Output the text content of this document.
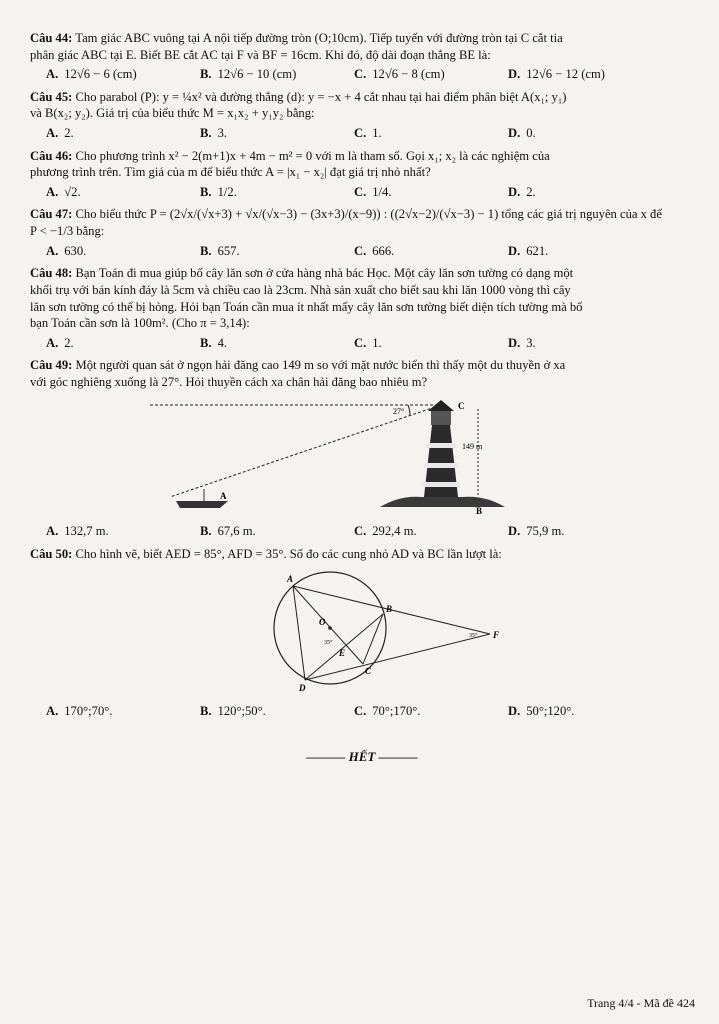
Câu 44: Tam giác ABC vuông tại A nội tiếp đường tròn (O;10cm). Tiếp tuyến với đường tròn tại C cắt tia

phân giác ABC tại E. Biết BE cắt AC tại F và BF = 16cm. Khi đó, độ dài đoạn thẳng BE là:

A. 12√6 − 6 (cm)	B. 12√6 − 10 (cm)	C. 12√6 − 8 (cm)	D. 12√6 − 12 (cm)

Câu 45: Cho parabol (P): y = ¼x² và đường thẳng (d): y = −x + 4 cắt nhau tại hai điểm phân biệt A(x₁; y₁)

và B(x₂; y₂). Giá trị của biểu thức M = x₁x₂ + y₁y₂ bằng:

A. 2.	B. 3.	C. 1.	D. 0.

Câu 46: Cho phương trình x² − 2(m+1)x + 4m − m² = 0 với m là tham số. Gọi x₁; x₂ là các nghiệm của

phương trình trên. Tìm giá của m để biểu thức A = |x₁ − x₂| đạt giá trị nhỏ nhất?

A. √2.	B. 1/2.	C. 1/4.	D. 2.

Câu 47: Cho biểu thức P = (2√x/(√x+3) + √x/(√x−3) − (3x+3)/(x−9)) : ((2√x−2)/(√x−3) − 1) tổng các giá trị nguyên của x để

P < −1/3 bằng:

A. 630.	B. 657.	C. 666.	D. 621.

Câu 48: Bạn Toán đi mua giúp bố cây lăn sơn ở cửa hàng nhà bác Học. Một cây lăn sơn tường có dạng một

khối trụ với bán kính đáy là 5cm và chiều cao là 23cm. Nhà sản xuất cho biết sau khi lăn 1000 vòng thì cây

lăn sơn tường có thể bị hỏng. Hỏi bạn Toán cần mua ít nhất mấy cây lăn sơn tường biết diện tích tường mà bố

bạn Toán cần sơn là 100m². (Cho π = 3,14):

A. 2.	B. 4.	C. 1.	D. 3.

Câu 49: Một người quan sát ở ngọn hải đăng cao 149 m so với mặt nước biển thì thấy một du thuyền ở xa

với góc nghiêng xuống là 27°. Hỏi thuyền cách xa chân hải đăng bao nhiêu m?

27°
149 m
C
A
B
A. 132,7 m.	B. 67,6 m.	C. 292,4 m.	D. 75,9 m.

Câu 50: Cho hình vẽ, biết AED = 85°, AFD = 35°. Số đo các cung nhỏ AD và BC lần lượt là:

A
B
C
D
E
F
O
35°
35°
A. 170°;70°.	B. 120°;50°.	C. 70°;170°.	D. 50°;120°.
——— HẾT ———
Trang 4/4 - Mã đề 424
